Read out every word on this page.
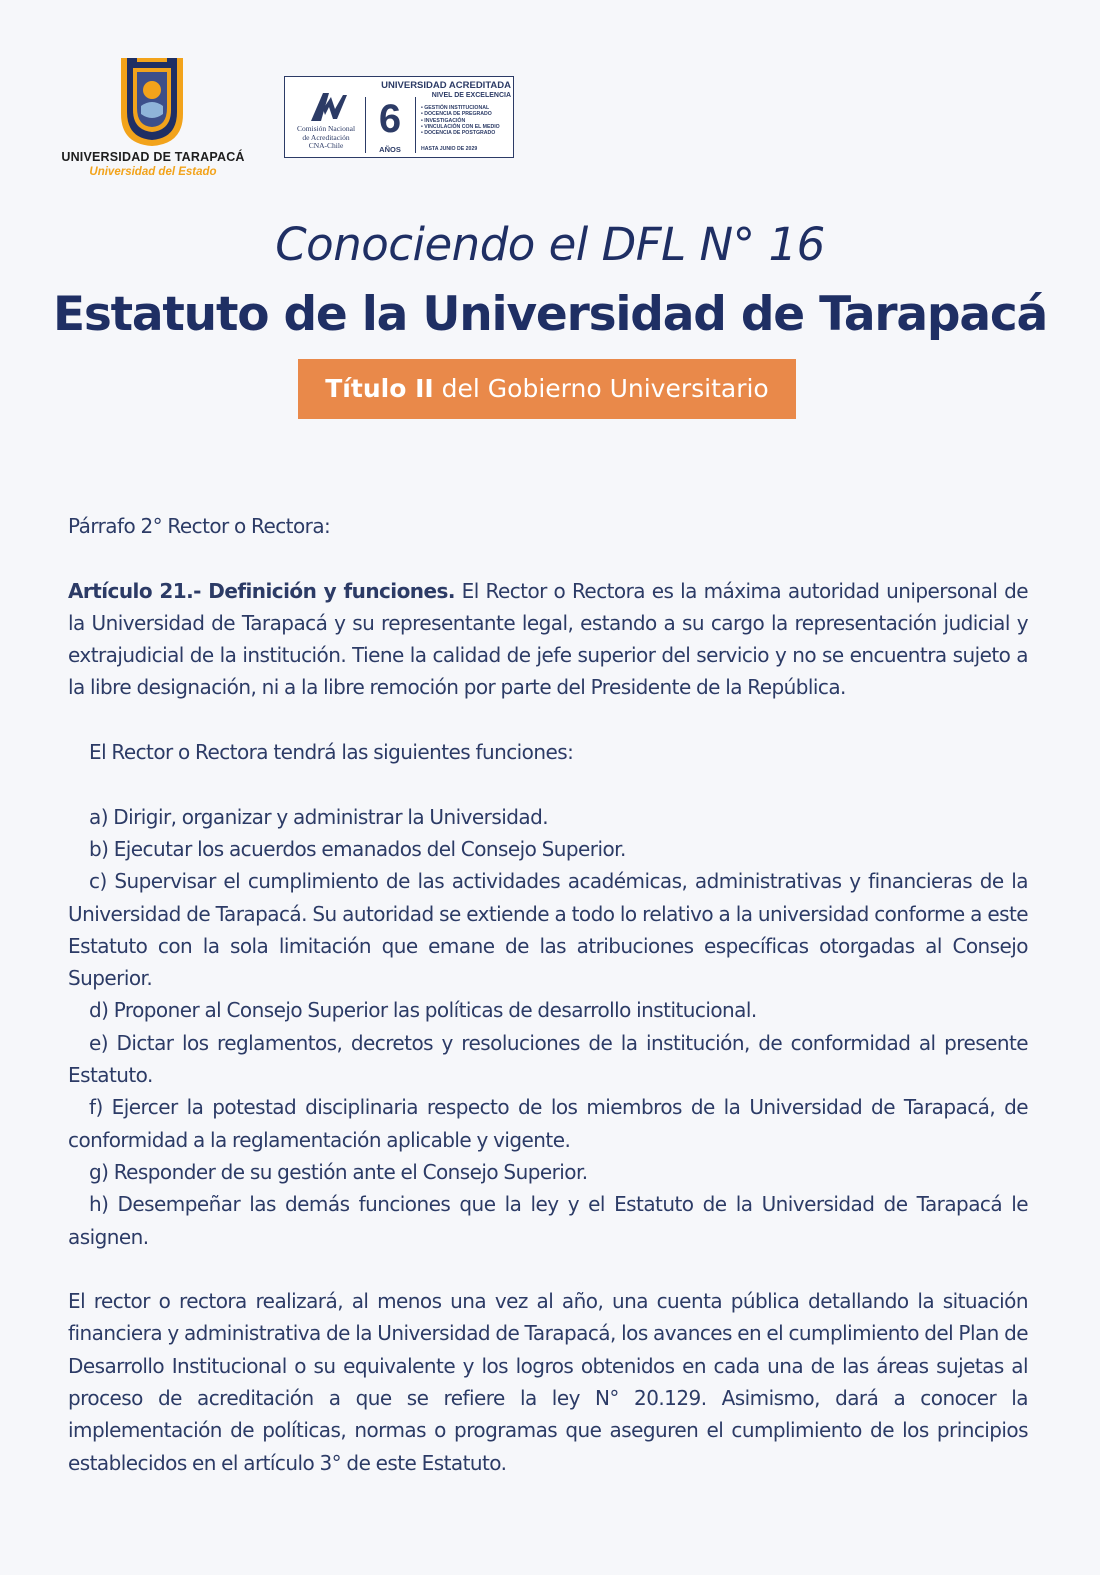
UNIVERSIDAD DE TARAPACÁ
Universidad del Estado
Comisión Nacional
de Acreditación
CNA-Chile
UNIVERSIDAD ACREDITADA
NIVEL DE EXCELENCIA
6
AÑOS
• GESTIÓN INSTITUCIONAL
• DOCENCIA DE PREGRADO
• INVESTIGACIÓN
• VINCULACIÓN CON EL MEDIO
• DOCENCIA DE POSTGRADO
HASTA JUNIO DE 2029
Conociendo el DFL N° 16
Estatuto de la Universidad de Tarapacá
Título II del Gobierno Universitario

Párrafo 2° Rector o Rectora:

Artículo 21.- Definición y funciones. El Rector o Rectora es la máxima autoridad unipersonal de la Universidad de Tarapacá y su representante legal, estando a su cargo la representación judicial y extrajudicial de la institución. Tiene la calidad de jefe superior del servicio y no se encuentra sujeto a la libre designación, ni a la libre remoción por parte del Presidente de la República.

El Rector o Rectora tendrá las siguientes funciones:

a) Dirigir, organizar y administrar la Universidad.

b) Ejecutar los acuerdos emanados del Consejo Superior.

c) Supervisar el cumplimiento de las actividades académicas, administrativas y financieras de la Universidad de Tarapacá. Su autoridad se extiende a todo lo relativo a la universidad conforme a este Estatuto con la sola limitación que emane de las atribuciones específicas otorgadas al Consejo Superior.

d) Proponer al Consejo Superior las políticas de desarrollo institucional.

e) Dictar los reglamentos, decretos y resoluciones de la institución, de conformidad al presente Estatuto.

f) Ejercer la potestad disciplinaria respecto de los miembros de la Universidad de Tarapacá, de conformidad a la reglamentación aplicable y vigente.

g) Responder de su gestión ante el Consejo Superior.

h) Desempeñar las demás funciones que la ley y el Estatuto de la Universidad de Tarapacá le asignen.

El rector o rectora realizará, al menos una vez al año, una cuenta pública detallando la situación financiera y administrativa de la Universidad de Tarapacá, los avances en el cumplimiento del Plan de Desarrollo Institucional o su equivalente y los logros obtenidos en cada una de las áreas sujetas al proceso de acreditación a que se refiere la ley N° 20.129. Asimismo, dará a conocer la implementación de políticas, normas o programas que aseguren el cumplimiento de los principios establecidos en el artículo 3° de este Estatuto.
